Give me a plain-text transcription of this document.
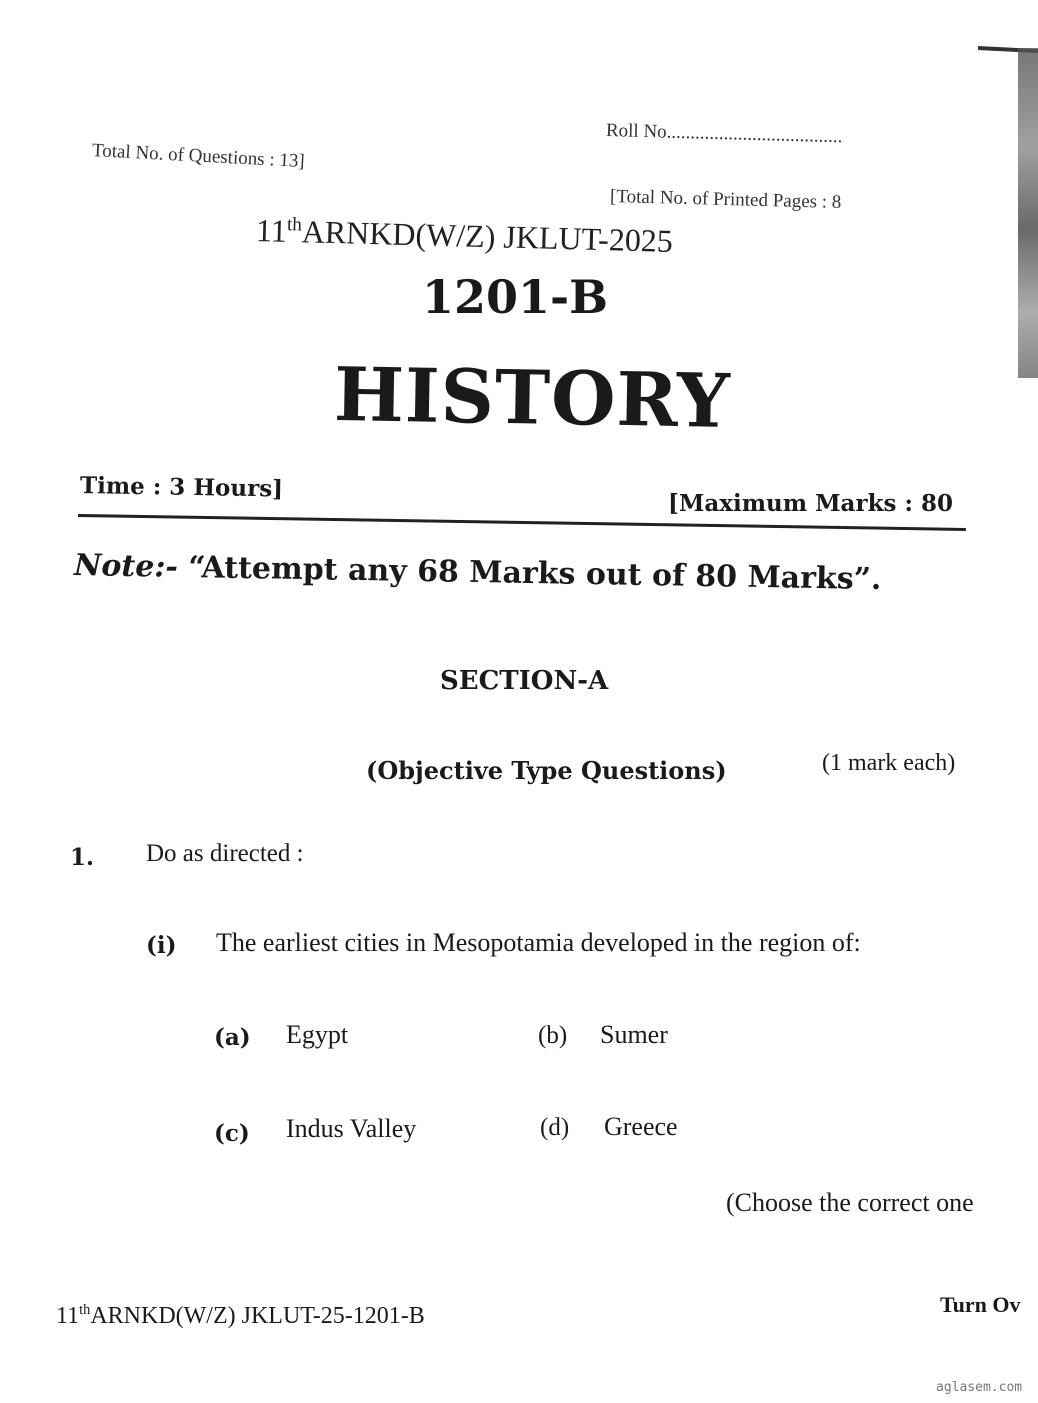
Total No. of Questions : 13]
Roll No.....................................
[Total No. of Printed Pages : 8
11thARNKD(W/Z) JKLUT-2025
1201-B
HISTORY
Time : 3 Hours]
[Maximum Marks : 80
Note:- “Attempt any 68 Marks out of 80 Marks”.
SECTION-A
(Objective Type Questions)	(1 mark each)
1. Do as directed :
(i) The earliest cities in Mesopotamia developed in the region of:
(a) Egypt	(b) Sumer
(c) Indus Valley	(d) Greece
(Choose the correct one
11thARNKD(W/Z) JKLUT-25-1201-B	Turn Ov
aglasem.com
